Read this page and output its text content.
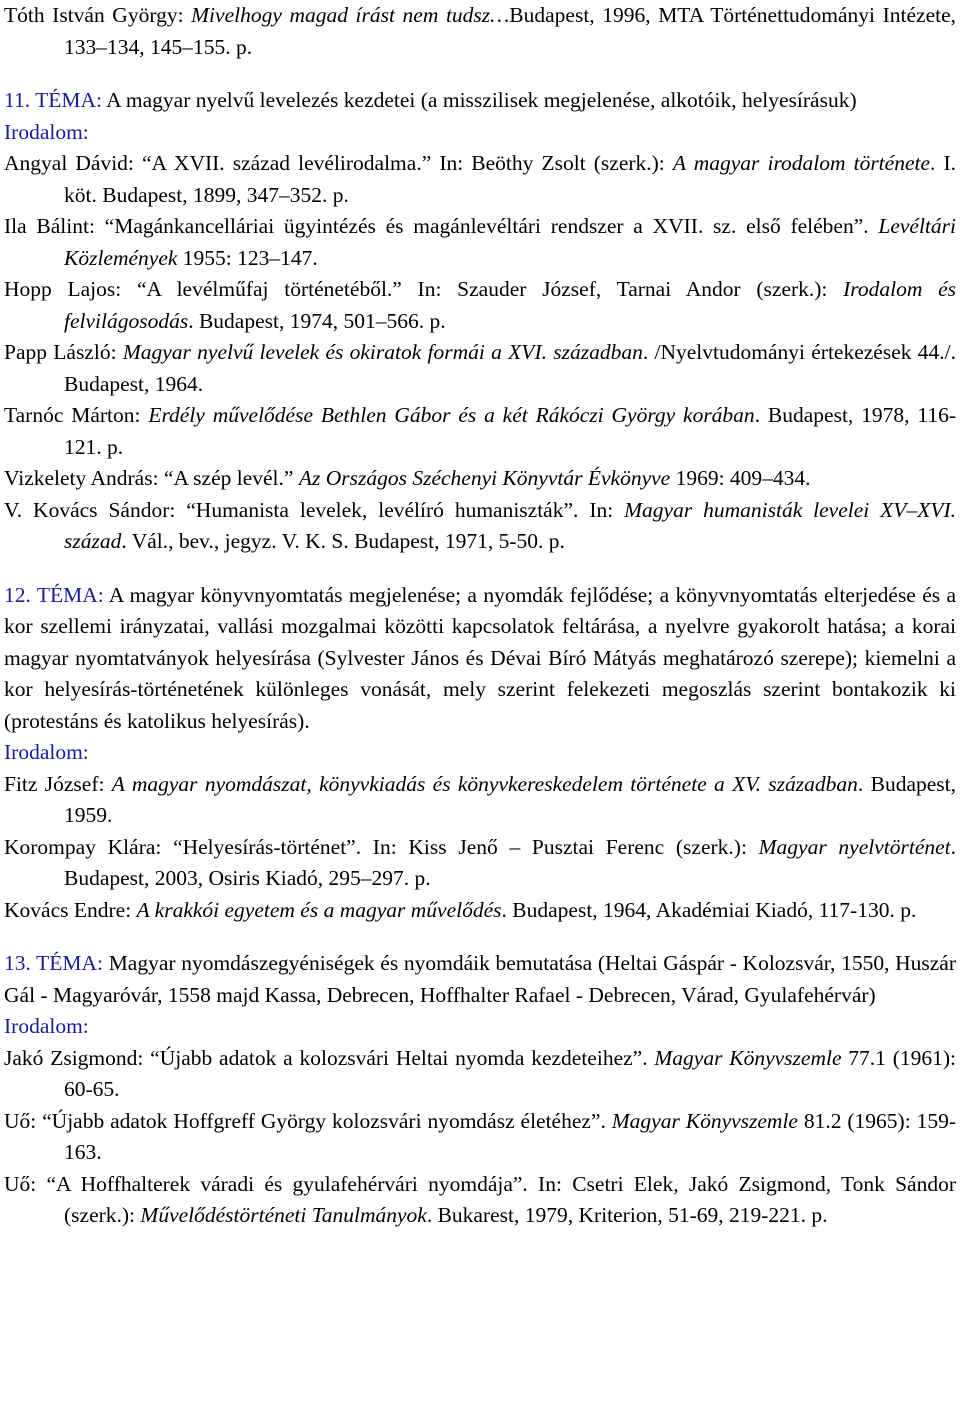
Tóth István György: Mivelhogy magad írást nem tudsz…Budapest, 1996, MTA Történettudományi Intézete, 133–134, 145–155. p.

11. TÉMA: A magyar nyelvű levelezés kezdetei (a misszilisek megjelenése, alkotóik, helyesírásuk)

Irodalom:

Angyal Dávid: “A XVII. század levélirodalma.” In: Beöthy Zsolt (szerk.): A magyar irodalom története. I. köt. Budapest, 1899, 347–352. p.

Ila Bálint: “Magánkancelláriai ügyintézés és magánlevéltári rendszer a XVII. sz. első felében”. Levéltári Közlemények 1955: 123–147.

Hopp Lajos: “A levélműfaj történetéből.” In: Szauder József, Tarnai Andor (szerk.): Irodalom és felvilágosodás. Budapest, 1974, 501–566. p.

Papp László: Magyar nyelvű levelek és okiratok formái a XVI. században. /Nyelvtudományi értekezések 44./. Budapest, 1964.

Tarnóc Márton: Erdély művelődése Bethlen Gábor és a két Rákóczi György korában. Budapest, 1978, 116-121. p.

Vizkelety András: “A szép levél.” Az Országos Széchenyi Könyvtár Évkönyve 1969: 409–434.

V. Kovács Sándor: “Humanista levelek, levélíró humaniszták”. In: Magyar humanisták levelei XV–XVI. század. Vál., bev., jegyz. V. K. S. Budapest, 1971, 5-50. p.

12. TÉMA: A magyar könyvnyomtatás megjelenése; a nyomdák fejlődése; a könyvnyomtatás elterjedése és a kor szellemi irányzatai, vallási mozgalmai közötti kapcsolatok feltárása, a nyelvre gyakorolt hatása; a korai magyar nyomtatványok helyesírása (Sylvester János és Dévai Bíró Mátyás meghatározó szerepe); kiemelni a kor helyesírás-történetének különleges vonását, mely szerint felekezeti megoszlás szerint bontakozik ki (protestáns és katolikus helyesírás).

Irodalom:

Fitz József: A magyar nyomdászat, könyvkiadás és könyvkereskedelem története a XV. században. Budapest, 1959.

Korompay Klára: “Helyesírás-történet”. In: Kiss Jenő – Pusztai Ferenc (szerk.): Magyar nyelvtörténet. Budapest, 2003, Osiris Kiadó, 295–297. p.

Kovács Endre: A krakkói egyetem és a magyar művelődés. Budapest, 1964, Akadémiai Kiadó, 117-130. p.

13. TÉMA: Magyar nyomdászegyéniségek és nyomdáik bemutatása (Heltai Gáspár - Kolozsvár, 1550, Huszár Gál - Magyaróvár, 1558 majd Kassa, Debrecen, Hoffhalter Rafael - Debrecen, Várad, Gyulafehérvár)

Irodalom:

Jakó Zsigmond: “Újabb adatok a kolozsvári Heltai nyomda kezdeteihez”. Magyar Könyvszemle 77.1 (1961): 60-65.

Uő: “Újabb adatok Hoffgreff György kolozsvári nyomdász életéhez”. Magyar Könyvszemle 81.2 (1965): 159-163.

Uő: “A Hoffhalterek váradi és gyulafehérvári nyomdája”. In: Csetri Elek, Jakó Zsigmond, Tonk Sándor (szerk.): Művelődéstörténeti Tanulmányok. Bukarest, 1979, Kriterion, 51-69, 219-221. p.
